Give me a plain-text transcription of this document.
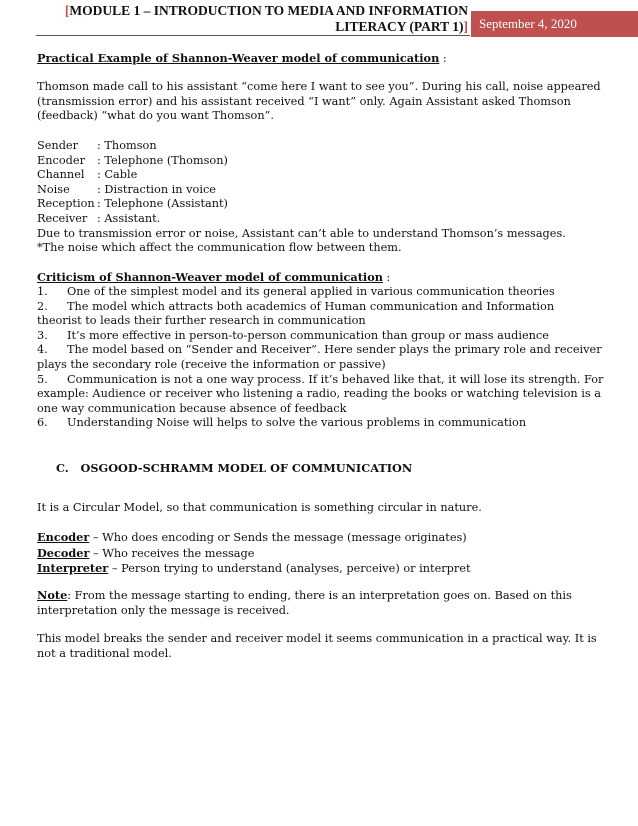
[MODULE 1 – INTRODUCTION TO MEDIA AND INFORMATION
LITERACY (PART 1)] September 4, 2020
Practical Example of Shannon-Weaver model of communication :
Thomson made call to his assistant “come here I want to see you”. During his call, noise appeared
(transmission error) and his assistant received “I want” only. Again Assistant asked Thomson
(feedback) “what do you want Thomson”.
Sender : Thomson
Encoder : Telephone (Thomson)
Channel : Cable
Noise : Distraction in voice
Reception : Telephone (Assistant)
Receiver : Assistant.
Due to transmission error or noise, Assistant can’t able to understand Thomson’s messages.
*The noise which affect the communication flow between them.
Criticism of Shannon-Weaver model of communication :
1. One of the simplest model and its general applied in various communication theories
2. The model which attracts both academics of Human communication and Information
theorist to leads their further research in communication
3. It’s more effective in person-to-person communication than group or mass audience
4. The model based on “Sender and Receiver”. Here sender plays the primary role and receiver
plays the secondary role (receive the information or passive)
5. Communication is not a one way process. If it’s behaved like that, it will lose its strength. For
example: Audience or receiver who listening a radio, reading the books or watching television is a
one way communication because absence of feedback
6. Understanding Noise will helps to solve the various problems in communication
C. OSGOOD-SCHRAMM MODEL OF COMMUNICATION
It is a Circular Model, so that communication is something circular in nature.
Encoder – Who does encoding or Sends the message (message originates)
Decoder – Who receives the message
Interpreter – Person trying to understand (analyses, perceive) or interpret
Note: From the message starting to ending, there is an interpretation goes on. Based on this
interpretation only the message is received.
This model breaks the sender and receiver model it seems communication in a practical way. It is
not a traditional model.
